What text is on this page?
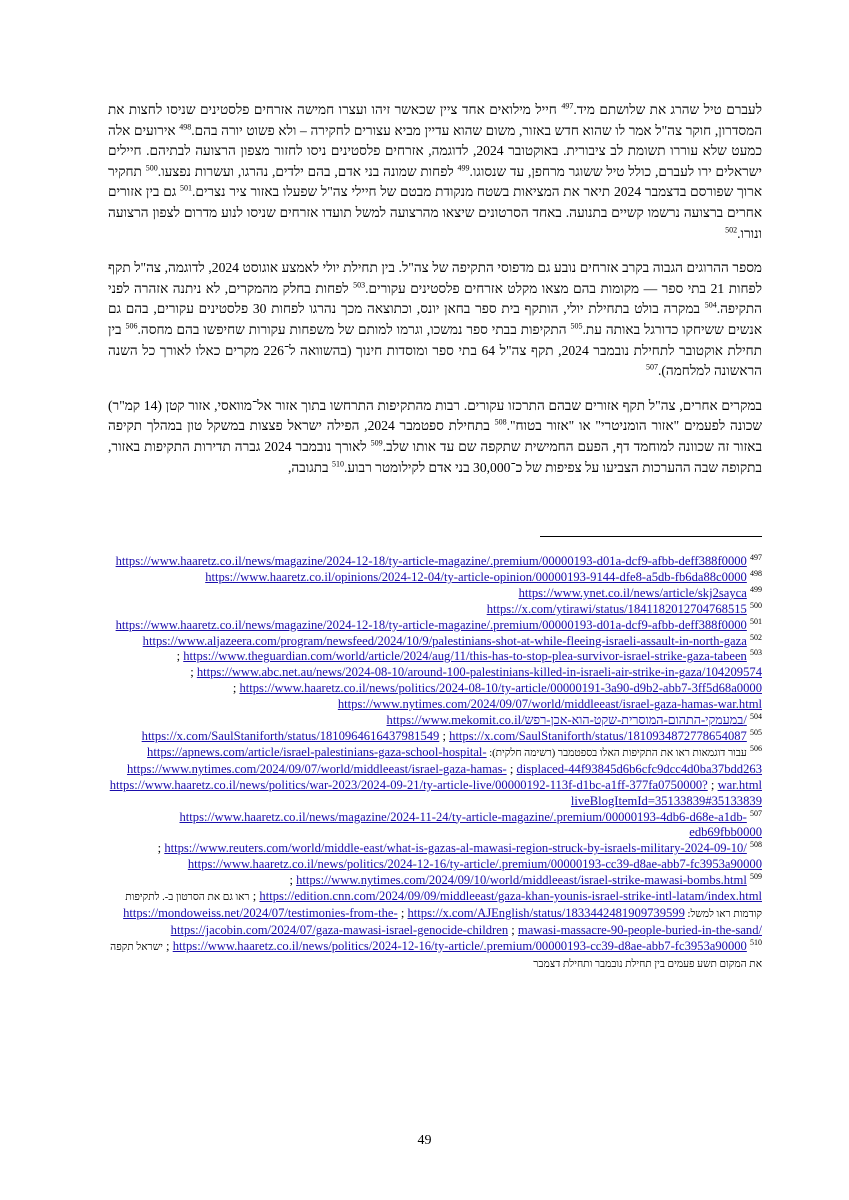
לעברם טיל שהרג את שלושתם מיד.$^{497}$ חייל מילואים אחד ציין שכאשר זיהו ועצרו חמישה אזרחים פלסטינים שניסו לחצות את המסדרון, חוקר צה"ל אמר לו שהוא חדש באזור, משום שהוא עדיין מביא עצורים לחקירה – ולא פשוט יורה בהם.$^{498}$ אירועים אלה כמעט שלא עוררו תשומת לב ציבורית. באוקטובר 2024, לדוגמה, אזרחים פלסטינים ניסו לחזור מצפון הרצועה לבתיהם. חיילים ישראלים ירו לעברם, כולל טיל ששוגר מרחפן, עד שנסוגו.$^{499}$ לפחות שמונה בני אדם, בהם ילדים, נהרגו, ועשרות נפצעו.$^{500}$ תחקיר ארוך שפורסם בדצמבר 2024 תיאר את המציאות בשטח מנקודת מבטם של חיילי צה"ל שפעלו באזור ציר נצרים.$^{501}$ גם בין אזורים אחרים ברצועה נרשמו קשיים בתנועה. באחד הסרטונים שיצאו מהרצועה למשל תועדו אזרחים שניסו לנוע מדרום לצפון הרצועה ונורו.$^{502}$

מספר ההרוגים הגבוה בקרב אזרחים נובע גם מדפוסי התקיפה של צה"ל. בין תחילת יולי לאמצע אוגוסט 2024, לדוגמה, צה"ל תקף לפחות 21 בתי ספר — מקומות בהם מצאו מקלט אזרחים פלסטינים עקורים.$^{503}$ לפחות בחלק מהמקרים, לא ניתנה אזהרה לפני התקיפה.$^{504}$ במקרה בולט בתחילת יולי, הותקף בית ספר בחאן יונס, וכתוצאה מכך נהרגו לפחות 30 פלסטינים עקורים, בהם גם אנשים ששיחקו כדורגל באותה עת.$^{505}$ התקיפות בבתי ספר נמשכו, וגרמו למותם של משפחות עקורות שחיפשו בהם מחסה.$^{506}$ בין תחילת אוקטובר לתחילת נובמבר 2024, תקף צה"ל 64 בתי ספר ומוסדות חינוך (בהשוואה ל־226 מקרים כאלו לאורך כל השנה הראשונה למלחמה).$^{507}$

במקרים אחרים, צה"ל תקף אזורים שבהם התרכזו עקורים. רבות מהתקיפות התרחשו בתוך אזור אל־מוואסי, אזור קטן (14 קמ"ר) שכונה לפעמים "אזור הומניטרי" או "אזור בטוח".$^{508}$ בתחילת ספטמבר 2024, הפילה ישראל פצצות במשקל טון במהלך תקיפה באזור זה שכוונה למוחמד דף, הפעם החמישית שתקפה שם עד אותו שלב.$^{509}$ לאורך נובמבר 2024 גברה תדירות התקיפות באזור, בתקופה שבה ההערכות הצביעו על צפיפות של כ־30,000 בני אדם לקילומטר רבוע.$^{510}$ בתגובה,

$^{497}$ https://www.haaretz.co.il/news/magazine/2024-12-18/ty-article-magazine/.premium/00000193-d01a-dcf9-afbb-deff388f0000

$^{498}$ https://www.haaretz.co.il/opinions/2024-12-04/ty-article-opinion/00000193-9144-dfe8-a5db-fb6da88c0000

$^{499}$ https://www.ynet.co.il/news/article/skj2sayca

$^{500}$ https://x.com/ytirawi/status/1841182012704768515

$^{501}$ https://www.haaretz.co.il/news/magazine/2024-12-18/ty-article-magazine/.premium/00000193-d01a-dcf9-afbb-deff388f0000

$^{502}$ https://www.aljazeera.com/program/newsfeed/2024/10/9/palestinians-shot-at-while-fleeing-israeli-assault-in-north-gaza

$^{503}$ https://www.theguardian.com/world/article/2024/aug/11/this-has-to-stop-plea-survivor-israel-strike-gaza-tabeen ; https://www.abc.net.au/news/2024-08-10/around-100-palestinians-killed-in-israeli-air-strike-in-gaza/104209574 ; https://www.haaretz.co.il/news/politics/2024-08-10/ty-article/00000191-3a90-d9b2-abb7-3ff5d68a0000 ; https://www.nytimes.com/2024/09/07/world/middleeast/israel-gaza-hamas-war.html

$^{504}$ https://www.mekomit.co.il/במעמקי-התהום-המוסרית-שקט-הוא-אכן-רפש/

$^{505}$ https://x.com/SaulStaniforth/status/1810934872778654087 ; https://x.com/SaulStaniforth/status/1810964616437981549

$^{506}$ עבור דוגמאות ראו את התקיפות האלו בספטמבר (רשימה חלקית): https://apnews.com/article/israel-palestinians-gaza-school-hospital-displaced-44f93845d6b6cfc9dcc4d0ba37bdd263 ; https://www.nytimes.com/2024/09/07/world/middleeast/israel-gaza-hamas-war.html ; https://www.haaretz.co.il/news/politics/war-2023/2024-09-21/ty-article-live/00000192-113f-d1bc-a1ff-377fa0750000?liveBlogItemId=35133839#35133839

$^{507}$ https://www.haaretz.co.il/news/magazine/2024-11-24/ty-article-magazine/.premium/00000193-4db6-d68e-a1db-edb69fbb0000

$^{508}$ https://www.reuters.com/world/middle-east/what-is-gazas-al-mawasi-region-struck-by-israels-military-2024-09-10/ ; https://www.haaretz.co.il/news/politics/2024-12-16/ty-article/.premium/00000193-cc39-d8ae-abb7-fc3953a90000

$^{509}$ https://www.nytimes.com/2024/09/10/world/middleeast/israel-strike-mawasi-bombs.html ; https://edition.cnn.com/2024/09/09/middleeast/gaza-khan-younis-israel-strike-intl-latam/index.html ; ראו גם את הסרטון ב-. לתקיפות קודמות ראו למשל: https://x.com/AJEnglish/status/1833442481909739599 ; https://mondoweiss.net/2024/07/testimonies-from-the-mawasi-massacre-90-people-buried-in-the-sand/ ; https://jacobin.com/2024/07/gaza-mawasi-israel-genocide-children

$^{510}$ https://www.haaretz.co.il/news/politics/2024-12-16/ty-article/.premium/00000193-cc39-d8ae-abb7-fc3953a90000 ; ישראל תקפה את המקום תשע פעמים בין תחילת נובמבר ותחילת דצמבר

49
